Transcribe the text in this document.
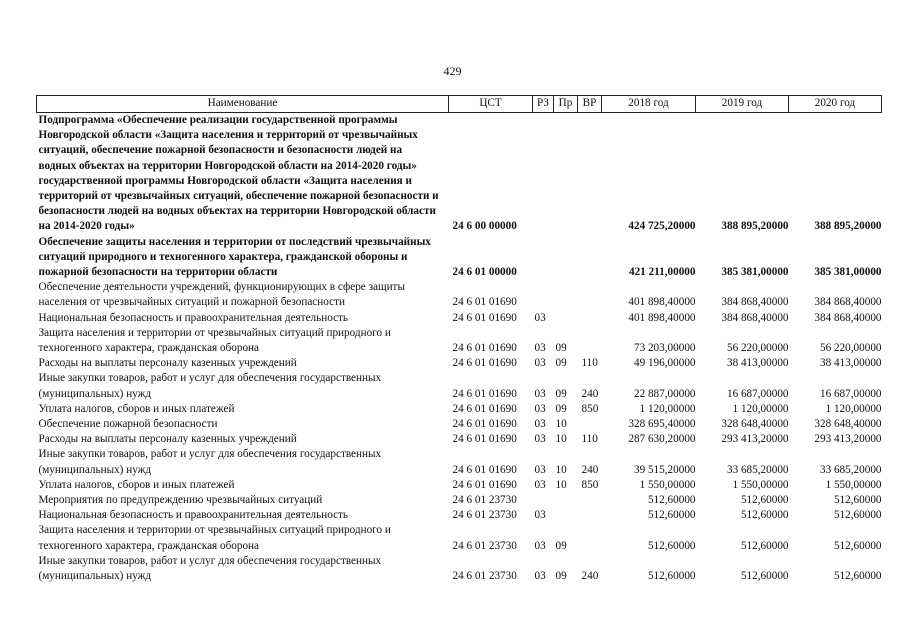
429
Наименование	ЦСТ	РЗ	Пр	ВР	2018 год	2019 год	2020 год
Подпрограмма «Обеспечение реализации государственной программы Новгородской области «Защита населения и территорий от чрезвычайных ситуаций, обеспечение пожарной безопасности и безопасности людей на водных объектах на территории Новгородской области на 2014-2020 годы» государственной программы Новгородской области «Защита населения и территорий от чрезвычайных ситуаций, обеспечение пожарной безопасности и безопасности людей на водных объектах на территории Новгородской области на 2014-2020 годы»	24 6 00 00000				424 725,20000	388 895,20000	388 895,20000
Обеспечение защиты населения и территории от последствий чрезвычайных ситуаций природного и техногенного характера, гражданской обороны и пожарной безопасности на территории области	24 6 01 00000				421 211,00000	385 381,00000	385 381,00000
Обеспечение деятельности учреждений, функционирующих в сфере защиты населения от чрезвычайных ситуаций и пожарной безопасности	24 6 01 01690				401 898,40000	384 868,40000	384 868,40000
Национальная безопасность и правоохранительная деятельность	24 6 01 01690	03			401 898,40000	384 868,40000	384 868,40000
Защита населения и территории от чрезвычайных ситуаций природного и техногенного характера, гражданская оборона	24 6 01 01690	03	09		73 203,00000	56 220,00000	56 220,00000
Расходы на выплаты персоналу казенных учреждений	24 6 01 01690	03	09	110	49 196,00000	38 413,00000	38 413,00000
Иные закупки товаров, работ и услуг для обеспечения государственных (муниципальных) нужд	24 6 01 01690	03	09	240	22 887,00000	16 687,00000	16 687,00000
Уплата налогов, сборов и иных платежей	24 6 01 01690	03	09	850	1 120,00000	1 120,00000	1 120,00000
Обеспечение пожарной безопасности	24 6 01 01690	03	10		328 695,40000	328 648,40000	328 648,40000
Расходы на выплаты персоналу казенных учреждений	24 6 01 01690	03	10	110	287 630,20000	293 413,20000	293 413,20000
Иные закупки товаров, работ и услуг для обеспечения государственных (муниципальных) нужд	24 6 01 01690	03	10	240	39 515,20000	33 685,20000	33 685,20000
Уплата налогов, сборов и иных платежей	24 6 01 01690	03	10	850	1 550,00000	1 550,00000	1 550,00000
Мероприятия по предупреждению чрезвычайных ситуаций	24 6 01 23730				512,60000	512,60000	512,60000
Национальная безопасность и правоохранительная деятельность	24 6 01 23730	03			512,60000	512,60000	512,60000
Защита населения и территории от чрезвычайных ситуаций природного и техногенного характера, гражданская оборона	24 6 01 23730	03	09		512,60000	512,60000	512,60000
Иные закупки товаров, работ и услуг для обеспечения государственных (муниципальных) нужд	24 6 01 23730	03	09	240	512,60000	512,60000	512,60000
